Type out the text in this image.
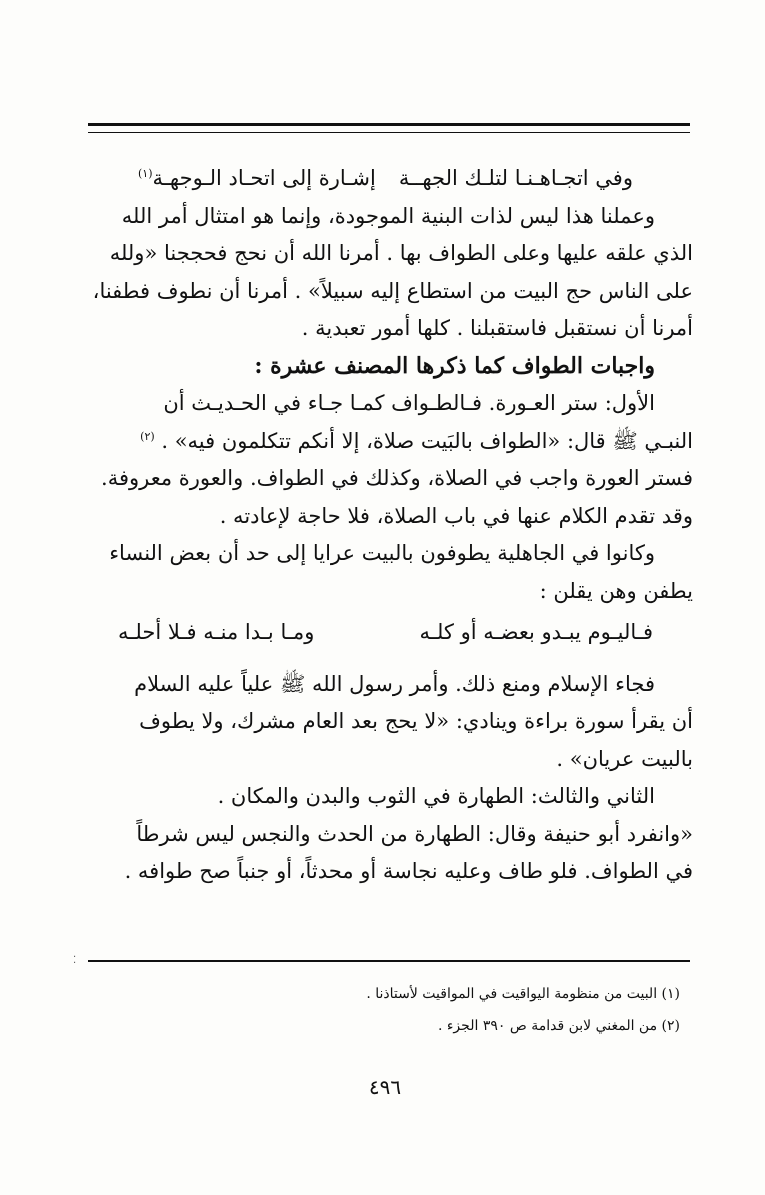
وفي اتجـاهـنـا لتلـك الجهــة
إشـارة إلى اتحـاد الـوجهـة$^{(١)}$
وعملنا هذا ليس لذات البنية الموجودة، وإنما هو امتثال أمر الله
الذي علقه عليها وعلى الطواف بها . أمرنا الله أن نحج فحججنا «ولله
على الناس حج البيت من استطاع إليه سبيلاً» . أمرنا أن نطوف فطفنا،
أمرنا أن نستقبل فاستقبلنا . كلها أمور تعبدية .
واجبات الطواف كما ذكرها المصنف عشرة :
الأول: ستر العـورة. فـالطـواف كمـا جـاء في الحـديـث أن
النبـي ﷺ قال: «الطواف بالبَيت صلاة، إلا أنكم تتكلمون فيه» . $^{(٢)}$
فستر العورة واجب في الصلاة، وكذلك في الطواف. والعورة معروفة.
وقد تقدم الكلام عنها في باب الصلاة، فلا حاجة لإعادته .
وكانوا في الجاهلية يطوفون بالبيت عرايا إلى حد أن بعض النساء
يطفن وهن يقلن :
فـاليـوم يبـدو بعضـه أو كلـه
ومـا بـدا منـه فـلا أحلـه
فجاء الإسلام ومنع ذلك. وأمر رسول الله ﷺ علياً عليه السلام
أن يقرأ سورة براءة وينادي: «لا يحج بعد العام مشرك، ولا يطوف
بالبيت عريان» .
الثاني والثالث: الطهارة في الثوب والبدن والمكان .
«وانفرد أبو حنيفة وقال: الطهارة من الحدث والنجس ليس شرطاً
في الطواف. فلو طاف وعليه نجاسة أو محدثاً، أو جنباً صح طوافه .
⁚
(١) البيت من منظومة اليواقيت في المواقيت لأستاذنا .
(٢) من المغني لابن قدامة ص ٣٩٠ الجزء .
٤٩٦
